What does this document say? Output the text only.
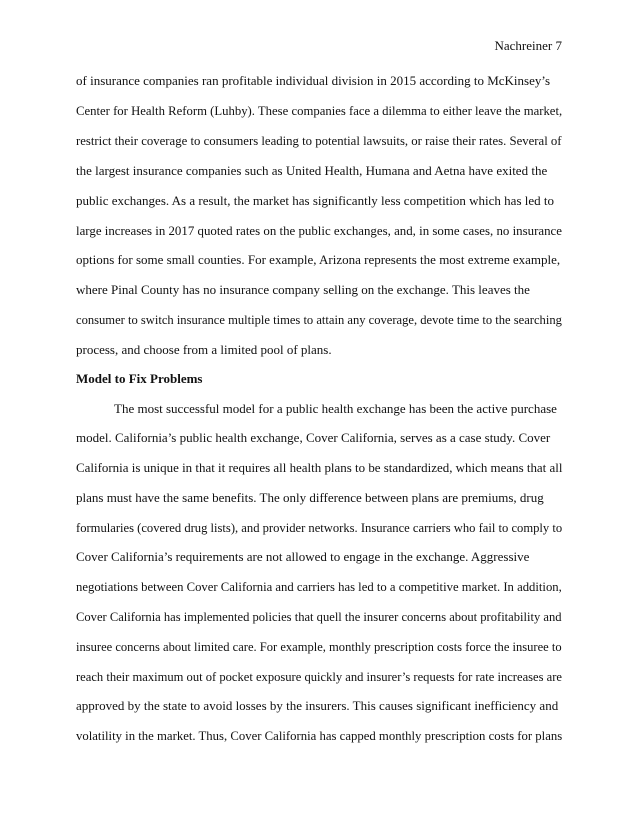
Nachreiner 7
of insurance companies ran profitable individual division in 2015 according to McKinsey’s
Center for Health Reform (Luhby). These companies face a dilemma to either leave the market,
restrict their coverage to consumers leading to potential lawsuits, or raise their rates. Several of
the largest insurance companies such as United Health, Humana and Aetna have exited the
public exchanges. As a result, the market has significantly less competition which has led to
large increases in 2017 quoted rates on the public exchanges, and, in some cases, no insurance
options for some small counties. For example, Arizona represents the most extreme example,
where Pinal County has no insurance company selling on the exchange. This leaves the
consumer to switch insurance multiple times to attain any coverage, devote time to the searching
process, and choose from a limited pool of plans.
Model to Fix Problems
The most successful model for a public health exchange has been the active purchase
model. California’s public health exchange, Cover California, serves as a case study. Cover
California is unique in that it requires all health plans to be standardized, which means that all
plans must have the same benefits. The only difference between plans are premiums, drug
formularies (covered drug lists), and provider networks. Insurance carriers who fail to comply to
Cover California’s requirements are not allowed to engage in the exchange. Aggressive
negotiations between Cover California and carriers has led to a competitive market. In addition,
Cover California has implemented policies that quell the insurer concerns about profitability and
insuree concerns about limited care. For example, monthly prescription costs force the insuree to
reach their maximum out of pocket exposure quickly and insurer’s requests for rate increases are
approved by the state to avoid losses by the insurers. This causes significant inefficiency and
volatility in the market. Thus, Cover California has capped monthly prescription costs for plans
